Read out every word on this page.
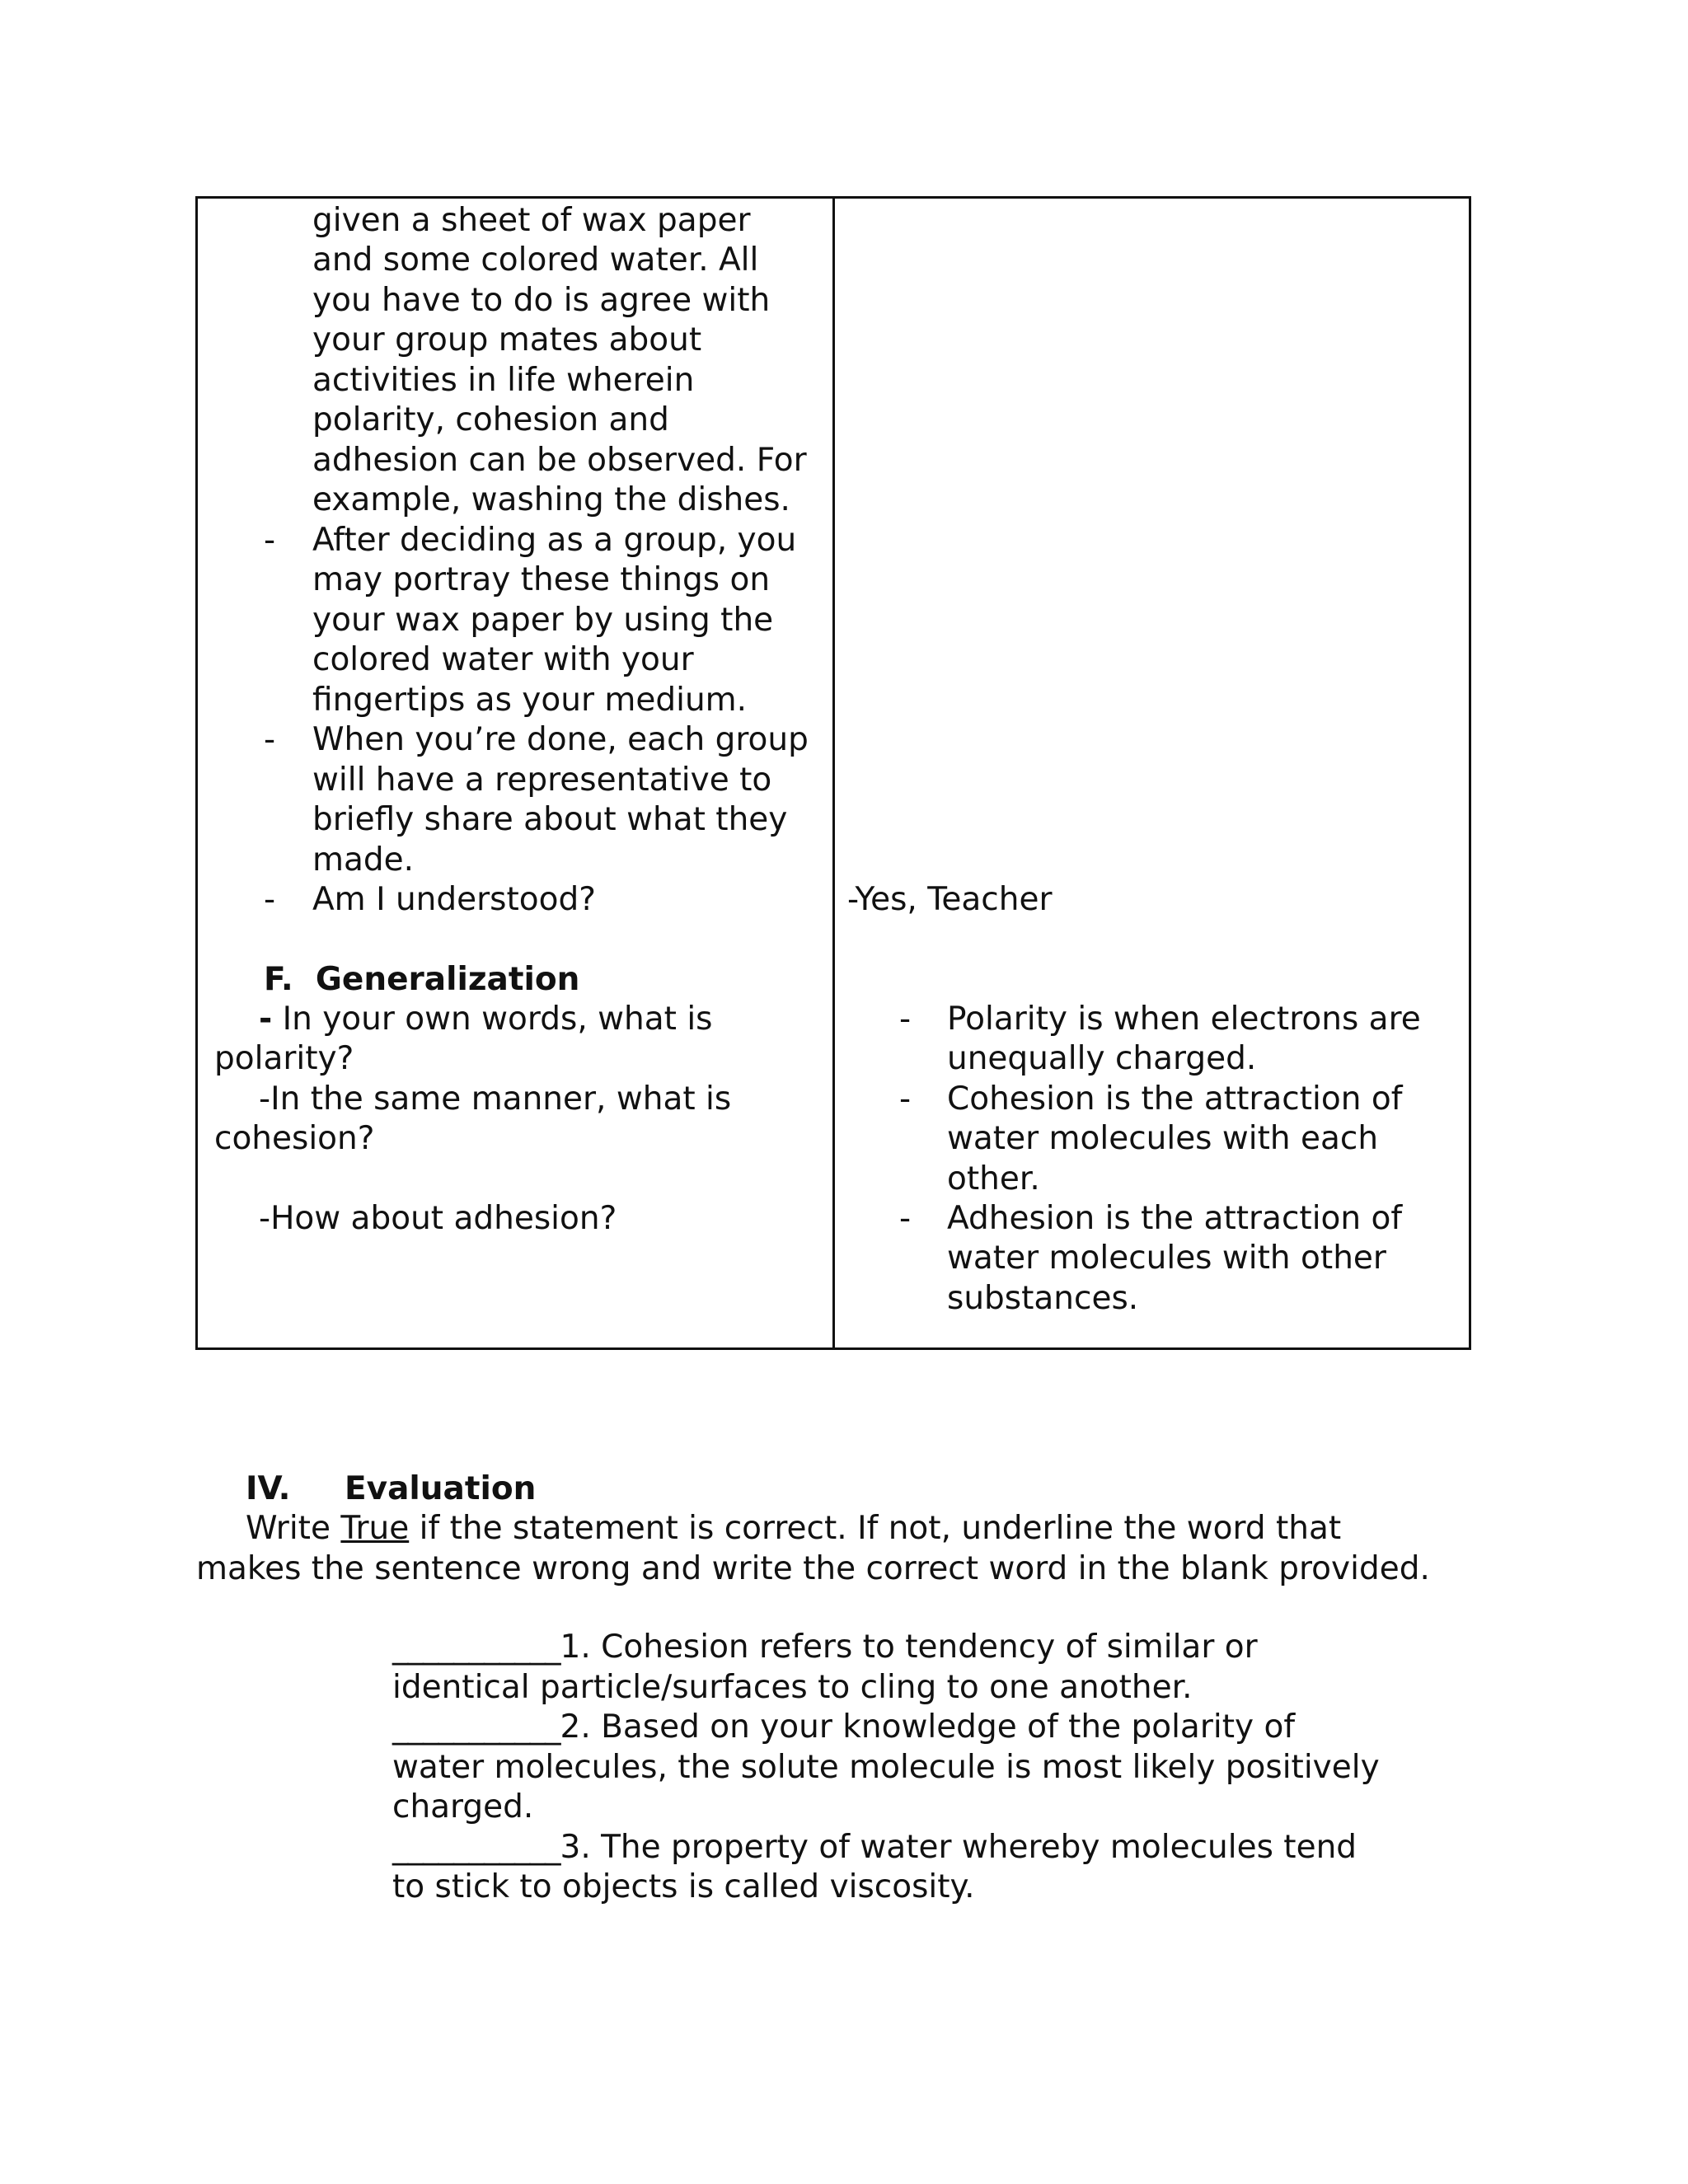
given a sheet of wax paper
and some colored water. All
you have to do is agree with
your group mates about
activities in life wherein
polarity, cohesion and
adhesion can be observed. For
example, washing the dishes.
- After deciding as a group, you
may portray these things on
your wax paper by using the
colored water with your
fingertips as your medium.
- When you’re done, each group
will have a representative to
briefly share about what they
made.
- Am I understood?
F.  Generalization
- In your own words, what is
polarity?
-In the same manner, what is
cohesion?
-How about adhesion?
-Yes, Teacher
- Polarity is when electrons are
unequally charged.
- Cohesion is the attraction of
water molecules with each
other.
- Adhesion is the attraction of
water molecules with other
substances.
IV. Evaluation
Write True if the statement is correct. If not, underline the word that
makes the sentence wrong and write the correct word in the blank provided.
___________1. Cohesion refers to tendency of similar or
identical particle/surfaces to cling to one another.
___________2. Based on your knowledge of the polarity of
water molecules, the solute molecule is most likely positively
charged.
___________3. The property of water whereby molecules tend
to stick to objects is called viscosity.
